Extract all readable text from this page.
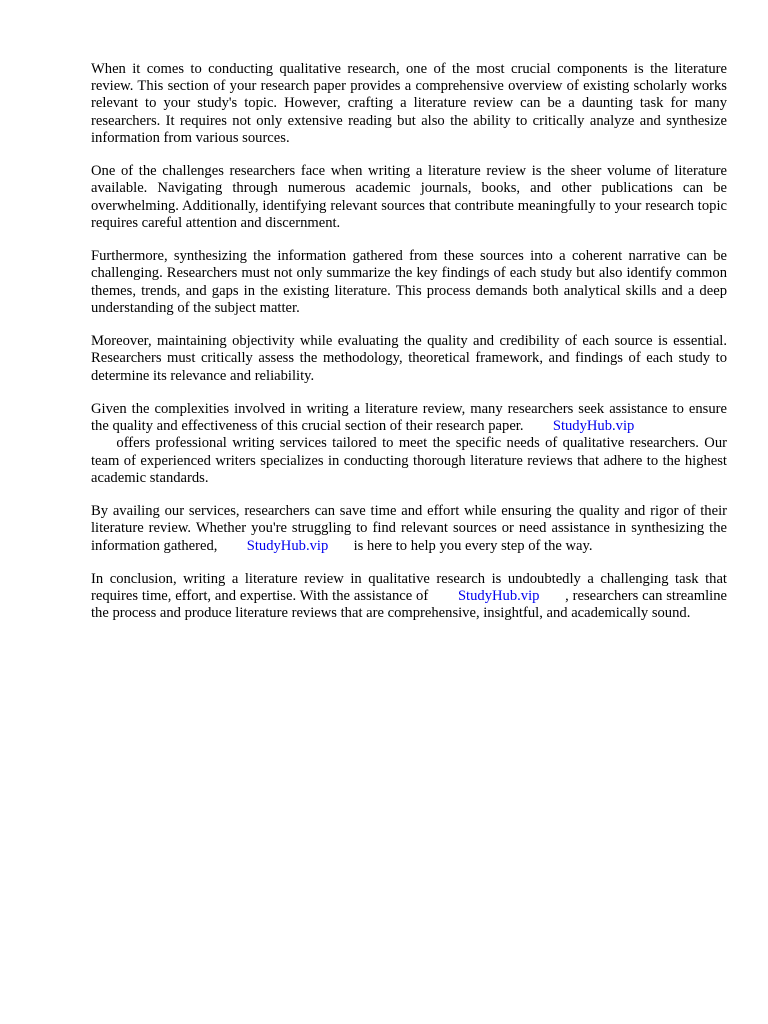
When it comes to conducting qualitative research, one of the most crucial components is the literature review. This section of your research paper provides a comprehensive overview of existing scholarly works relevant to your study's topic. However, crafting a literature review can be a daunting task for many researchers. It requires not only extensive reading but also the ability to critically analyze and synthesize information from various sources.

One of the challenges researchers face when writing a literature review is the sheer volume of literature available. Navigating through numerous academic journals, books, and other publications can be overwhelming. Additionally, identifying relevant sources that contribute meaningfully to your research topic requires careful attention and discernment.

Furthermore, synthesizing the information gathered from these sources into a coherent narrative can be challenging. Researchers must not only summarize the key findings of each study but also identify common themes, trends, and gaps in the existing literature. This process demands both analytical skills and a deep understanding of the subject matter.

Moreover, maintaining objectivity while evaluating the quality and credibility of each source is essential. Researchers must critically assess the methodology, theoretical framework, and findings of each study to determine its relevance and reliability.

Given the complexities involved in writing a literature review, many researchers seek assistance to ensure the quality and effectiveness of this crucial section of their research paper. StudyHub.vip
offers professional writing services tailored to meet the specific needs of qualitative researchers. Our team of experienced writers specializes in conducting thorough literature reviews that adhere to the highest academic standards.

By availing our services, researchers can save time and effort while ensuring the quality and rigor of their literature review. Whether you're struggling to find relevant sources or need assistance in synthesizing the information gathered, StudyHub.vip is here to help you every step of the way.

In conclusion, writing a literature review in qualitative research is undoubtedly a challenging task that requires time, effort, and expertise. With the assistance of StudyHub.vip , researchers can streamline the process and produce literature reviews that are comprehensive, insightful, and academically sound.
